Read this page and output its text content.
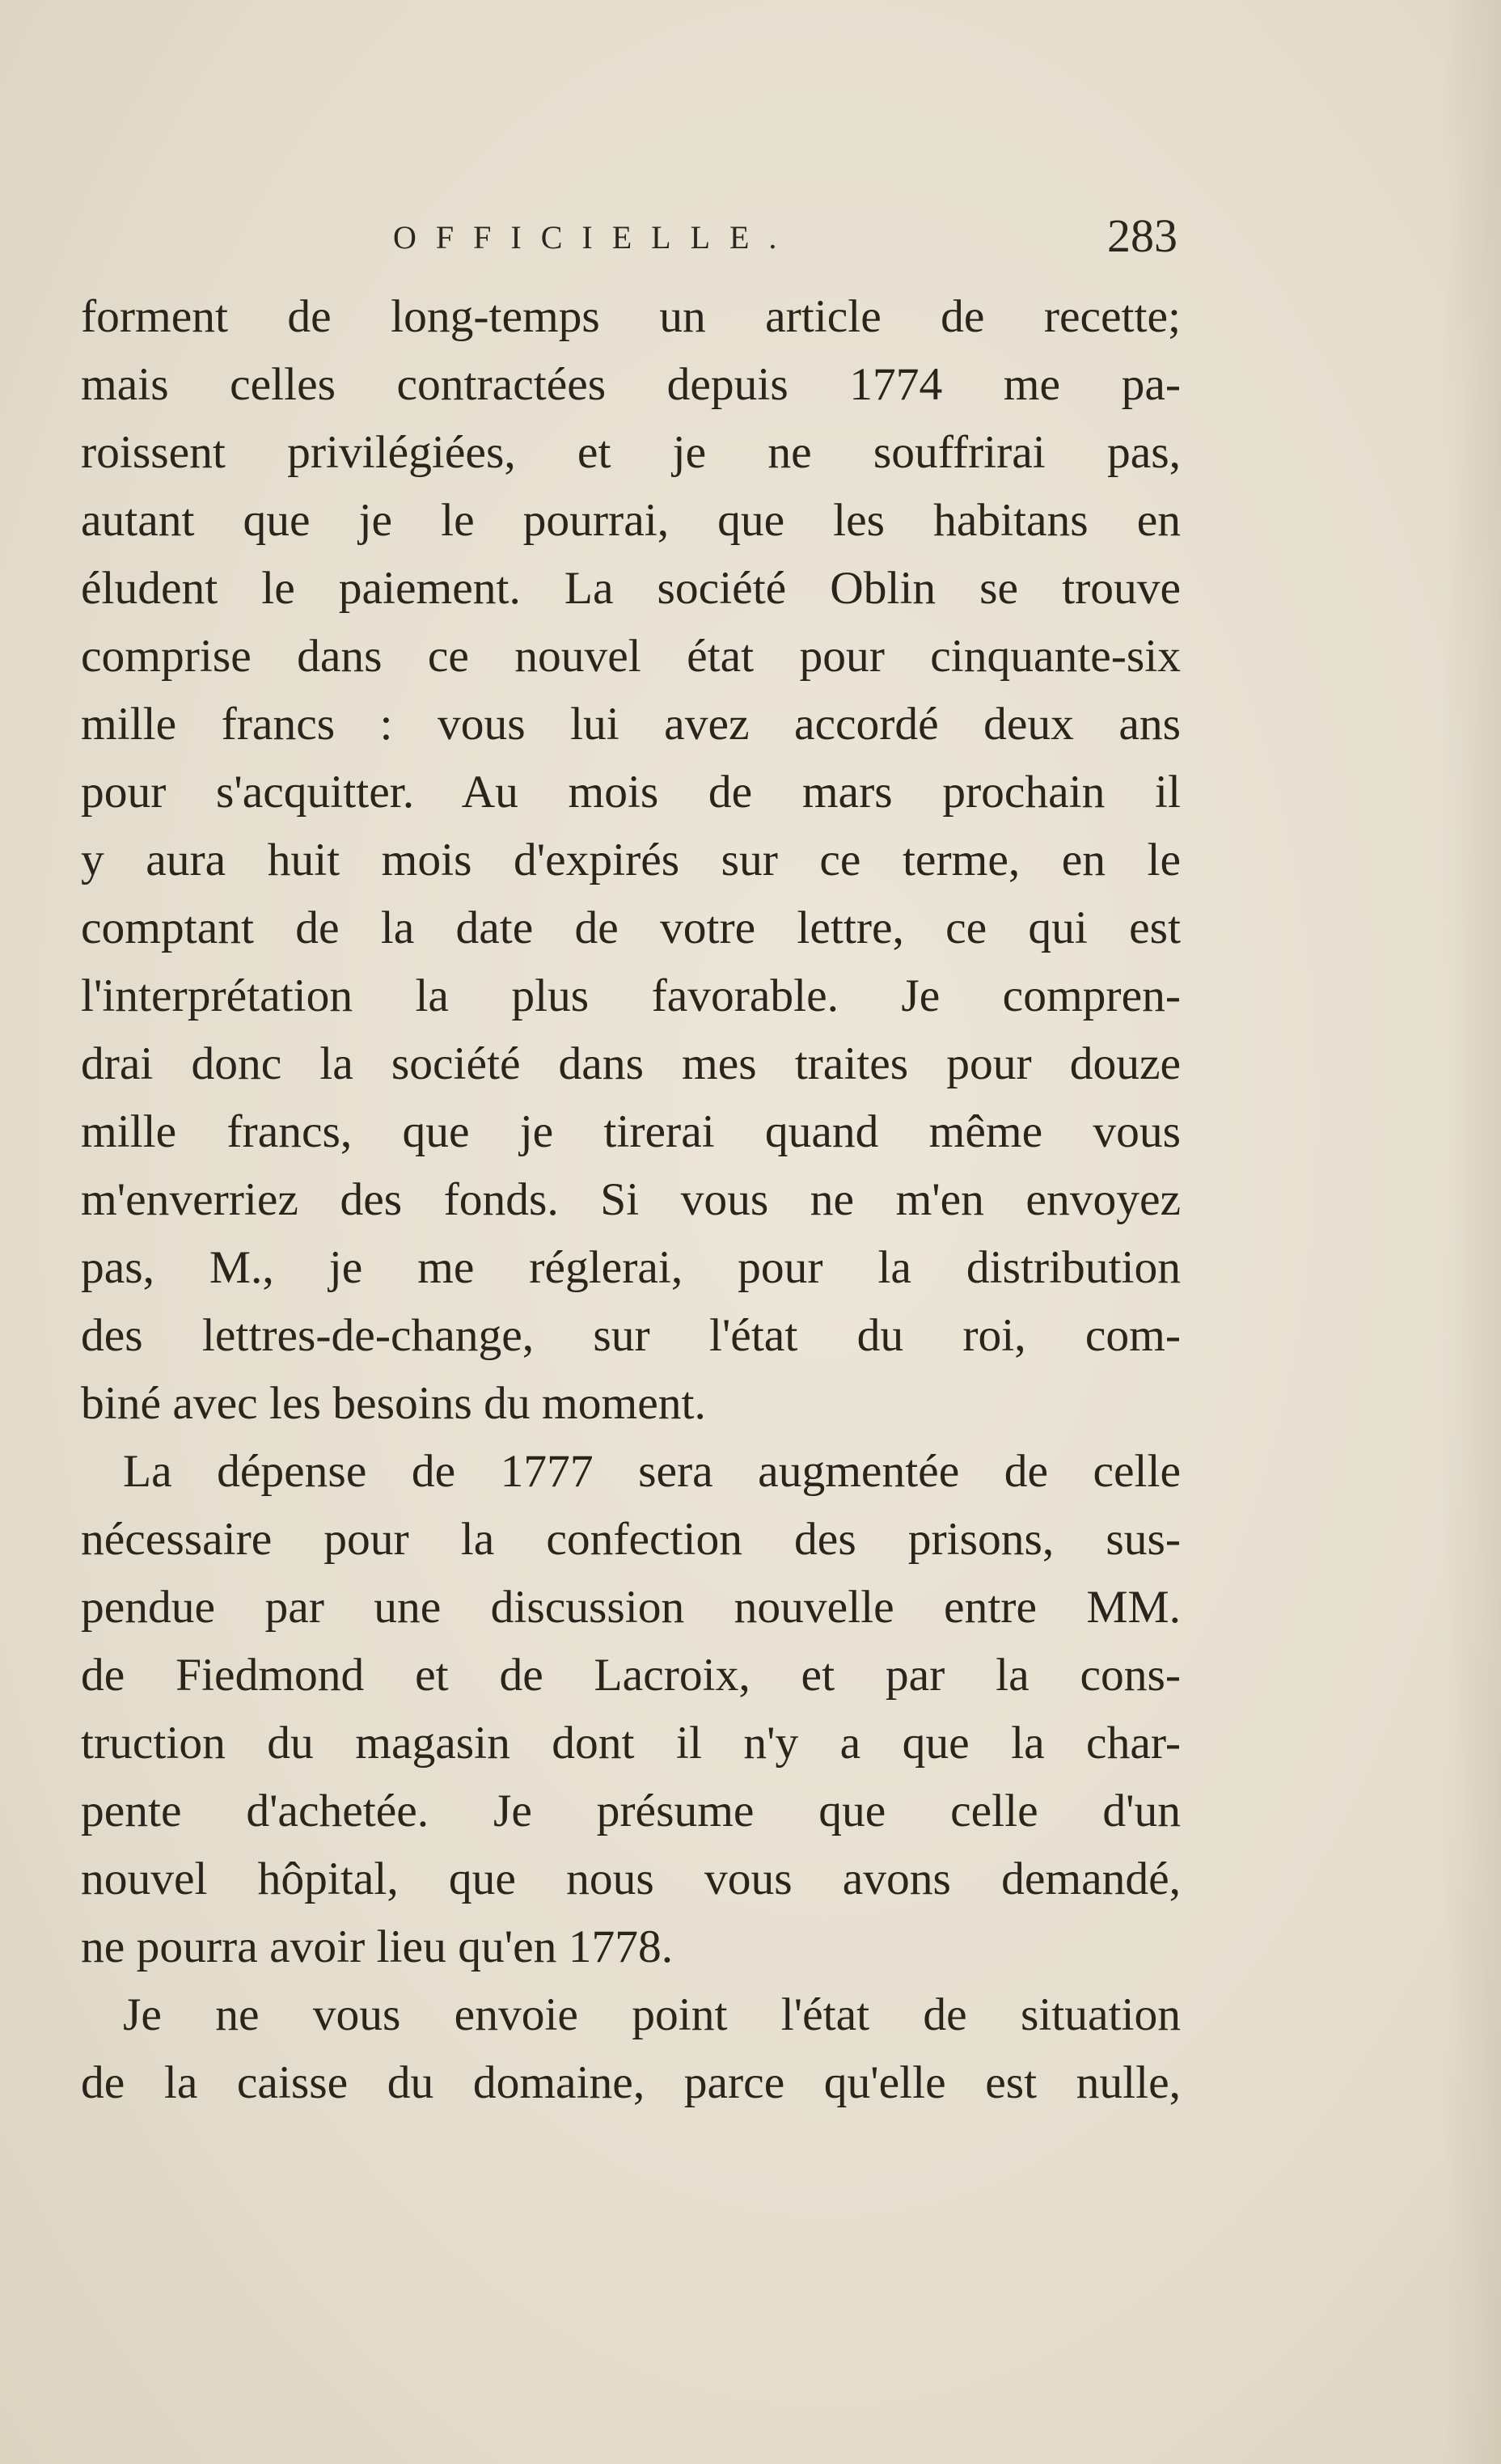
OFFICIELLE.	283
forment de long-temps un article de recette;
mais celles contractées depuis 1774 me pa-
roissent privilégiées, et je ne souffrirai pas,
autant que je le pourrai, que les habitans en
éludent le paiement. La société Oblin se trouve
comprise dans ce nouvel état pour cinquante-six
mille francs : vous lui avez accordé deux ans
pour s'acquitter. Au mois de mars prochain il
y aura huit mois d'expirés sur ce terme, en le
comptant de la date de votre lettre, ce qui est
l'interprétation la plus favorable. Je compren-
drai donc la société dans mes traites pour douze
mille francs, que je tirerai quand même vous
m'enverriez des fonds. Si vous ne m'en envoyez
pas, M., je me réglerai, pour la distribution
des lettres-de-change, sur l'état du roi, com-
biné avec les besoins du moment.
La dépense de 1777 sera augmentée de celle
nécessaire pour la confection des prisons, sus-
pendue par une discussion nouvelle entre MM.
de Fiedmond et de Lacroix, et par la cons-
truction du magasin dont il n'y a que la char-
pente d'achetée. Je présume que celle d'un
nouvel hôpital, que nous vous avons demandé,
ne pourra avoir lieu qu'en 1778.
Je ne vous envoie point l'état de situation
de la caisse du domaine, parce qu'elle est nulle,
